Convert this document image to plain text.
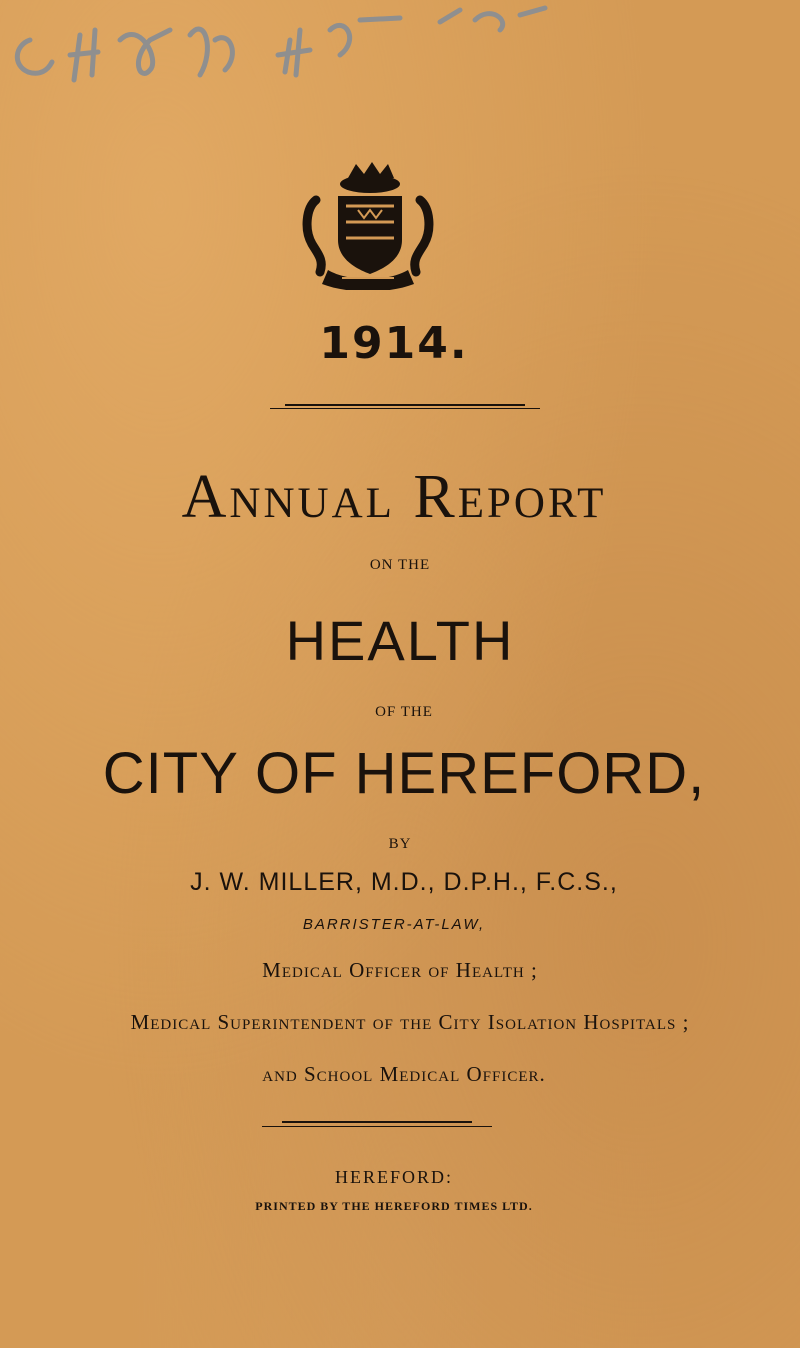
1914.
Annual Report
ON THE
HEALTH
OF THE
CITY OF HEREFORD,
BY
J. W. MILLER, M.D., D.P.H., F.C.S.,
BARRISTER-AT-LAW,
Medical Officer of Health ;
Medical Superintendent of the City Isolation Hospitals ;
and School Medical Officer.
HEREFORD:
PRINTED BY THE HEREFORD TIMES LTD.
